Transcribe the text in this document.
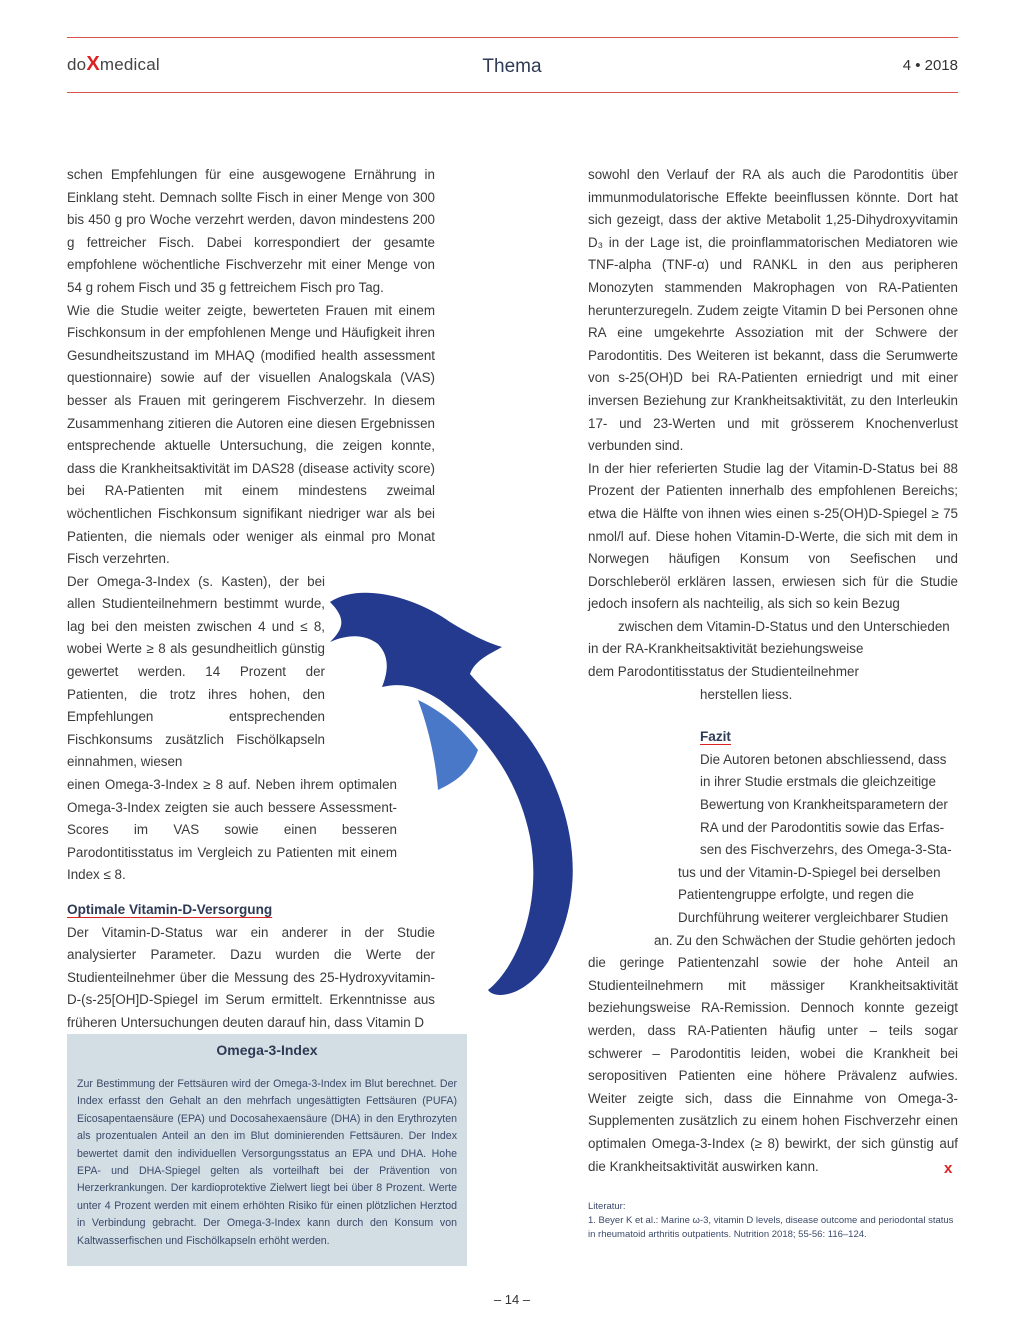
doXmedical	Thema	4 • 2018

schen Empfehlungen für eine ausgewogene Ernährung in Einklang steht. Demnach sollte Fisch in einer Menge von 300 bis 450 g pro Woche verzehrt werden, davon mindestens 200 g fettreicher Fisch. Dabei korrespondiert der gesamte empfohlene wöchentliche Fischverzehr mit einer Menge von 54 g rohem Fisch und 35 g fettreichem Fisch pro Tag.

Wie die Studie weiter zeigte, bewerteten Frauen mit einem Fischkonsum in der empfohlenen Menge und Häufigkeit ihren Gesundheitszustand im MHAQ (modified health assessment questionnaire) sowie auf der visuellen Analogskala (VAS) besser als Frauen mit geringerem Fischverzehr. In diesem Zusammenhang zitieren die Autoren eine diesen Ergebnissen entsprechende aktuelle Untersuchung, die zeigen konnte, dass die Krankheitsaktivität im DAS28 (disease activity score) bei RA-Patienten mit einem mindestens zweimal wöchentlichen Fischkonsum signifikant niedriger war als bei Patienten, die niemals oder weniger als einmal pro Monat Fisch verzehrten.

Der Omega-3-Index (s. Kasten), der bei allen Studienteilnehmern bestimmt wurde, lag bei den meisten zwischen 4 und ≤ 8, wobei Werte ≥ 8 als gesundheitlich günstig gewertet werden. 14 Prozent der Patienten, die trotz ihres hohen, den Empfehlungen entsprechenden Fischkonsums zusätzlich Fischölkapseln einnahmen, wiesen

einen Omega-3-Index ≥ 8 auf. Neben ihrem optimalen Omega-3-Index zeigten sie auch bessere Assessment-Scores im VAS sowie einen besseren Parodontitisstatus im Vergleich zu Patienten mit einem Index ≤ 8.

Optimale Vitamin-D-Versorgung

Der Vitamin-D-Status war ein anderer in der Studie analysierter Parameter. Dazu wurden die Werte der Studienteilnehmer über die Messung des 25-Hydroxyvitamin-D-(s-25[OH]D-Spiegel im Serum ermittelt. Erkenntnisse aus früheren Untersuchungen deuten darauf hin, dass Vitamin D

sowohl den Verlauf der RA als auch die Parodontitis über immunmodulatorische Effekte beeinflussen könnte. Dort hat sich gezeigt, dass der aktive Metabolit 1,25-Dihydroxyvitamin D₃ in der Lage ist, die proinflammatorischen Mediatoren wie TNF-alpha (TNF-α) und RANKL in den aus peripheren Monozyten stammenden Makrophagen von RA-Patienten herunterzuregeln. Zudem zeigte Vitamin D bei Personen ohne RA eine umgekehrte Assoziation mit der Schwere der Parodontitis. Des Weiteren ist bekannt, dass die Serumwerte von s-25(OH)D bei RA-Patienten erniedrigt und mit einer inversen Beziehung zur Krankheitsaktivität, zu den Interleukin 17- und 23-Werten und mit grösserem Knochenverlust verbunden sind.

In der hier referierten Studie lag der Vitamin-D-Status bei 88 Prozent der Patienten innerhalb des empfohlenen Bereichs; etwa die Hälfte von ihnen wies einen s-25(OH)D-Spiegel ≥ 75 nmol/l auf. Diese hohen Vitamin-D-Werte, die sich mit dem in Norwegen häufigen Konsum von Seefischen und Dorschleberöl erklären lassen, erwiesen sich für die Studie jedoch insofern als nachteilig, als sich so kein Bezug

zwischen dem Vitamin-D-Status und den Unterschieden

in der RA-Krankheitsaktivität beziehungsweise

dem Parodontitisstatus der Studienteilnehmer

herstellen liess.

Fazit

Die Autoren betonen abschliessend, dass

in ihrer Studie erstmals die gleichzeitige

Bewertung von Krankheitsparametern der

RA und der Parodontitis sowie das Erfas-

sen des Fischverzehrs, des Omega-3-Sta-

tus und der Vitamin-D-Spiegel bei derselben

Patientengruppe erfolgte, und regen die

Durchführung weiterer vergleichbarer Studien

an. Zu den Schwächen der Studie gehörten jedoch

die geringe Patientenzahl sowie der hohe Anteil an Studienteilnehmern mit mässiger Krankheitsaktivität beziehungsweise RA-Remission. Dennoch konnte gezeigt werden, dass RA-Patienten häufig unter – teils sogar schwerer – Parodontitis leiden, wobei die Krankheit bei seropositiven Patienten eine höhere Prävalenz aufwies. Weiter zeigte sich, dass die Einnahme von Omega-3-Supplementen zusätzlich zu einem hohen Fischverzehr einen optimalen Omega-3-Index (≥ 8) bewirkt, der sich günstig auf die Krankheitsaktivität auswirken kann.	x
Omega-3-Index

Zur Bestimmung der Fettsäuren wird der Omega-3-Index im Blut berechnet. Der Index erfasst den Gehalt an den mehrfach ungesättigten Fettsäuren (PUFA) Eicosapentaensäure (EPA) und Docosahexaensäure (DHA) in den Erythrozyten als prozentualen Anteil an den im Blut dominierenden Fettsäuren. Der Index bewertet damit den individuellen Versorgungsstatus an EPA und DHA. Hohe EPA- und DHA-Spiegel gelten als vorteilhaft bei der Prävention von Herzerkrankungen. Der kardioprotektive Zielwert liegt bei über 8 Prozent. Werte unter 4 Prozent werden mit einem erhöhten Risiko für einen plötzlichen Herztod in Verbindung gebracht. Der Omega-3-Index kann durch den Konsum von Kaltwasserfischen und Fischölkapseln erhöht werden.

Literatur:
1. Beyer K et al.: Marine ω-3, vitamin D levels, disease outcome and periodontal status in rheumatoid arthritis outpatients. Nutrition 2018; 55-56: 116–124.
– 14 –
